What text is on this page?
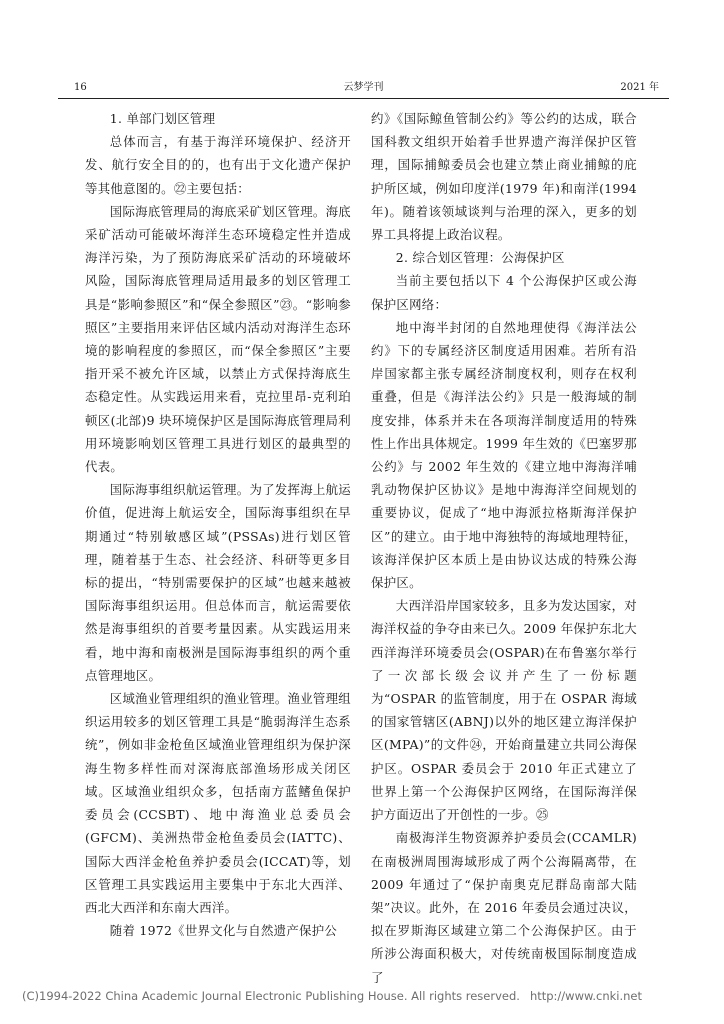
16	云梦学刊	2021 年

1. 单部门划区管理

总体而言，有基于海洋环境保护、经济开发、航行安全目的的，也有出于文化遗产保护等其他意图的。㉒主要包括：

国际海底管理局的海底采矿划区管理。海底采矿活动可能破坏海洋生态环境稳定性并造成海洋污染，为了预防海底采矿活动的环境破坏风险，国际海底管理局适用最多的划区管理工具是“影响参照区”和“保全参照区”㉓。“影响参照区”主要指用来评估区域内活动对海洋生态环境的影响程度的参照区，而“保全参照区”主要指开采不被允许区域，以禁止方式保持海底生态稳定性。从实践运用来看，克拉里昂-克利珀顿区(北部)9 块环境保护区是国际海底管理局利用环境影响划区管理工具进行划区的最典型的代表。

国际海事组织航运管理。为了发挥海上航运价值，促进海上航运安全，国际海事组织在早期通过“特别敏感区域”(PSSAs)进行划区管理，随着基于生态、社会经济、科研等更多目标的提出，“特别需要保护的区域”也越来越被国际海事组织运用。但总体而言，航运需要依然是海事组织的首要考量因素。从实践运用来看，地中海和南极洲是国际海事组织的两个重点管理地区。

区域渔业管理组织的渔业管理。渔业管理组织运用较多的划区管理工具是“脆弱海洋生态系统”，例如非金枪鱼区域渔业管理组织为保护深海生物多样性而对深海底部渔场形成关闭区域。区域渔业组织众多，包括南方蓝鳍鱼保护委员会(CCSBT)、地中海渔业总委员会(GFCM)、美洲热带金枪鱼委员会(IATTC)、国际大西洋金枪鱼养护委员会(ICCAT)等，划区管理工具实践运用主要集中于东北大西洋、西北大西洋和东南大西洋。

随着 1972《世界文化与自然遗产保护公

约》《国际鲸鱼管制公约》等公约的达成，联合国科教文组织开始着手世界遗产海洋保护区管理，国际捕鲸委员会也建立禁止商业捕鲸的庇护所区域，例如印度洋(1979 年)和南洋(1994 年)。随着该领域谈判与治理的深入，更多的划界工具将提上政治议程。

2. 综合划区管理：公海保护区

当前主要包括以下 4 个公海保护区或公海保护区网络：

地中海半封闭的自然地理使得《海洋法公约》下的专属经济区制度适用困难。若所有沿岸国家都主张专属经济制度权利，则存在权利重叠，但是《海洋法公约》只是一般海域的制度安排，体系并未在各项海洋制度适用的特殊性上作出具体规定。1999 年生效的《巴塞罗那公约》与 2002 年生效的《建立地中海海洋哺乳动物保护区协议》是地中海海洋空间规划的重要协议，促成了“地中海派拉格斯海洋保护区”的建立。由于地中海独特的海域地理特征，该海洋保护区本质上是由协议达成的特殊公海保护区。

大西洋沿岸国家较多，且多为发达国家，对海洋权益的争夺由来已久。2009 年保护东北大西洋海洋环境委员会(OSPAR)在布鲁塞尔举行了一次部长级会议并产生了一份标题为“OSPAR 的监管制度，用于在 OSPAR 海域的国家管辖区(ABNJ)以外的地区建立海洋保护区(MPA)”的文件㉔，开始商量建立共同公海保护区。OSPAR 委员会于 2010 年正式建立了世界上第一个公海保护区网络，在国际海洋保护方面迈出了开创性的一步。㉕

南极海洋生物资源养护委员会(CCAMLR)在南极洲周围海域形成了两个公海隔离带，在 2009 年通过了“保护南奥克尼群岛南部大陆架”决议。此外，在 2016 年委员会通过决议，拟在罗斯海区域建立第二个公海保护区。由于所涉公海面积极大，对传统南极国际制度造成了

(C)1994-2022 China Academic Journal Electronic Publishing House. All rights reserved. http://www.cnki.net
